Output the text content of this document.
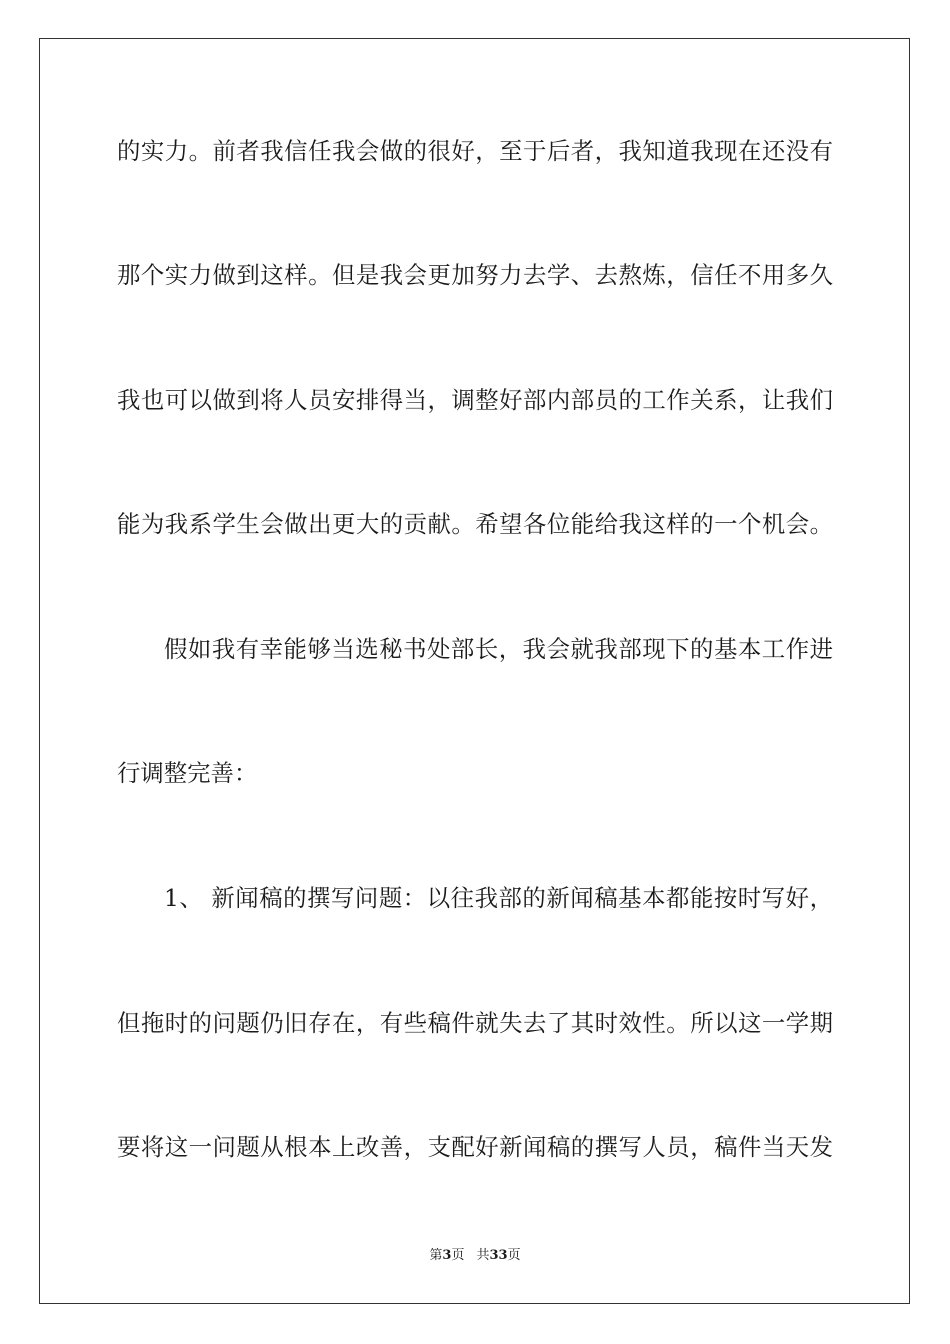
的实力。前者我信任我会做的很好，至于后者，我知道我现在还没有
那个实力做到这样。但是我会更加努力去学、去熬炼，信任不用多久
我也可以做到将人员安排得当，调整好部内部员的工作关系，让我们
能为我系学生会做出更大的贡献。希望各位能给我这样的一个机会。
假如我有幸能够当选秘书处部长，我会就我部现下的基本工作进
行调整完善：
1、 新闻稿的撰写问题：以往我部的新闻稿基本都能按时写好，
但拖时的问题仍旧存在，有些稿件就失去了其时效性。所以这一学期
要将这一问题从根本上改善，支配好新闻稿的撰写人员，稿件当天发
第3页 共33页
